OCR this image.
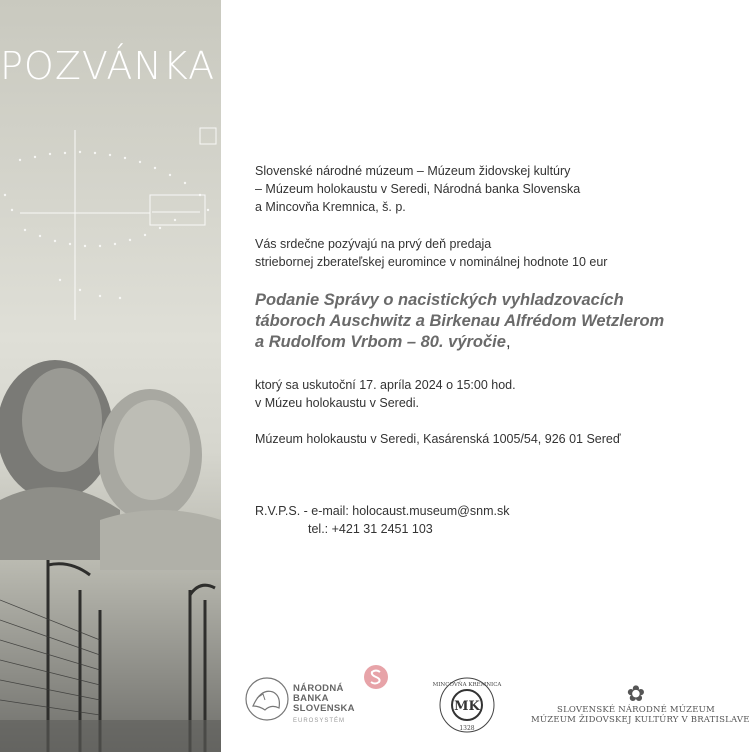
POZVÁNKA
Slovenské národné múzeum – Múzeum židovskej kultúry
– Múzeum holokaustu v Seredi, Národná banka Slovenska
a Mincovňa Kremnica, š. p.
Vás srdečne pozývajú na prvý deň predaja
striebornej zberateľskej euromince v nominálnej hodnote 10 eur
Podanie Správy o nacistických vyhladzovacích
táboroch Auschwitz a Birkenau Alfrédom Wetzlerom
a Rudolfom Vrbom – 80. výročie,
ktorý sa uskutoční 17. apríla 2024 o 15:00 hod.
v Múzeu holokaustu v Seredi.
Múzeum holokaustu v Seredi, Kasárenská 1005/54, 926 01 Sereď
R.V.P.S. - e-mail: holocaust.museum@snm.sk
tel.: +421 31 2451 103
NÁRODNÁ
BANKA
SLOVENSKA
EUROSYSTÉM
MK
MINCOVŇA KREMNICA
1328
✿
SLOVENSKÉ NÁRODNÉ MÚZEUM
MÚZEUM ŽIDOVSKEJ KULTÚRY V BRATISLAVE
